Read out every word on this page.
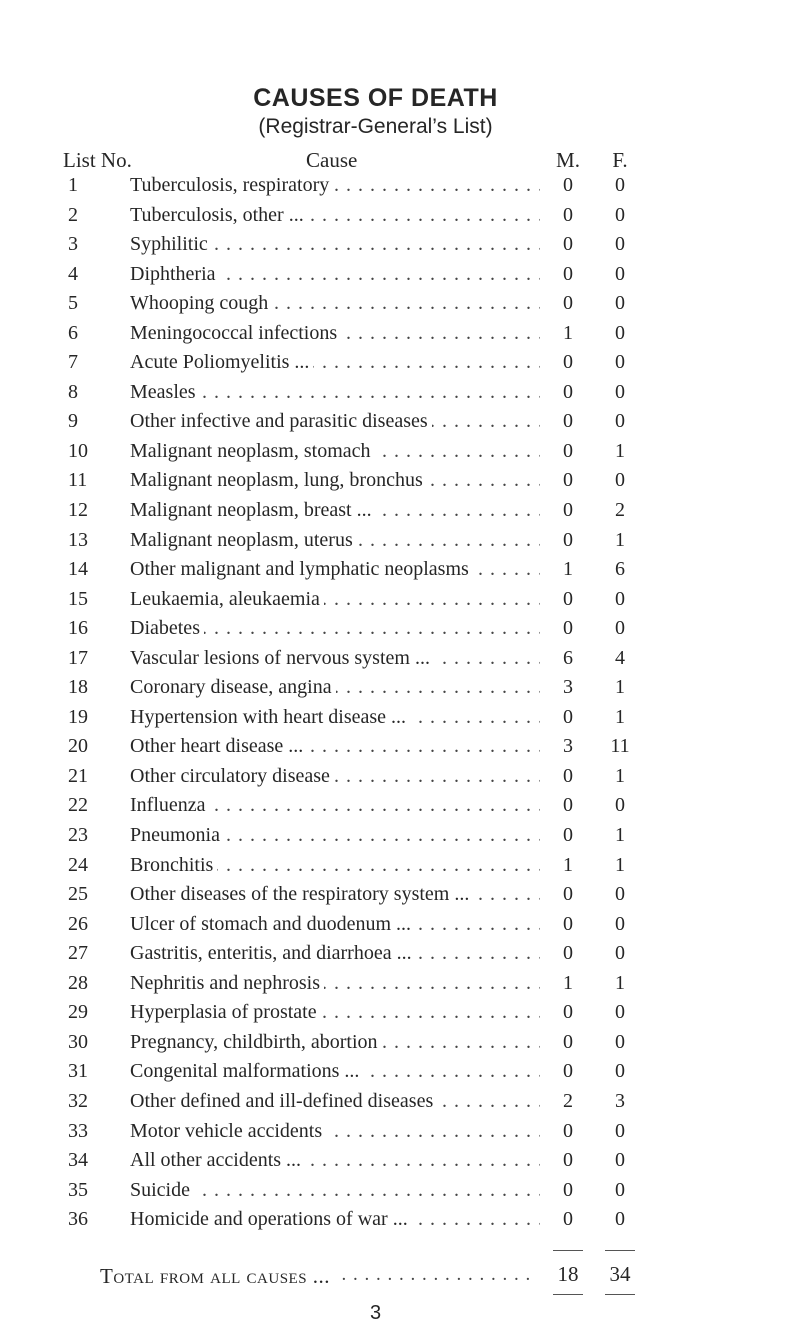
CAUSES OF DEATH
(Registrar-General’s List)
List No.	Cause	M.	F.
1	Tuberculosis, respiratory . . .	0	0
2	Tuberculosis, other ... . . .	0	0
3	Syphilitic . . .	0	0
4	Diphtheria . . .	0	0
5	Whooping cough . . .	0	0
6	Meningococcal infections . . .	1	0
7	Acute Poliomyelitis ... . . .	0	0
8	Measles . . .	0	0
9	Other infective and parasitic diseases . . .	0	0
10	Malignant neoplasm, stomach . . .	0	1
11	Malignant neoplasm, lung, bronchus . . .	0	0
12	Malignant neoplasm, breast ... . . .	0	2
13	Malignant neoplasm, uterus . . .	0	1
14	Other malignant and lymphatic neoplasms . . .	1	6
15	Leukaemia, aleukaemia . . .	0	0
16	Diabetes . . .	0	0
17	Vascular lesions of nervous system ... . . .	6	4
18	Coronary disease, angina . . .	3	1
19	Hypertension with heart disease ... . . .	0	1
20	Other heart disease ... . . .	3	11
21	Other circulatory disease . . .	0	1
22	Influenza . . .	0	0
23	Pneumonia . . .	0	1
24	Bronchitis . . .	1	1
25	Other diseases of the respiratory system ... . . .	0	0
26	Ulcer of stomach and duodenum ... . . .	0	0
27	Gastritis, enteritis, and diarrhoea ... . . .	0	0
28	Nephritis and nephrosis . . .	1	1
29	Hyperplasia of prostate . . .	0	0
30	Pregnancy, childbirth, abortion . . .	0	0
31	Congenital malformations ... . . .	0	0
32	Other defined and ill-defined diseases . . .	2	3
33	Motor vehicle accidents . . .	0	0
34	All other accidents ... . . .	0	0
35	Suicide . . .	0	0
36	Homicide and operations of war ... . . .	0	0
Total from all causes ... . . .	18	34
3
